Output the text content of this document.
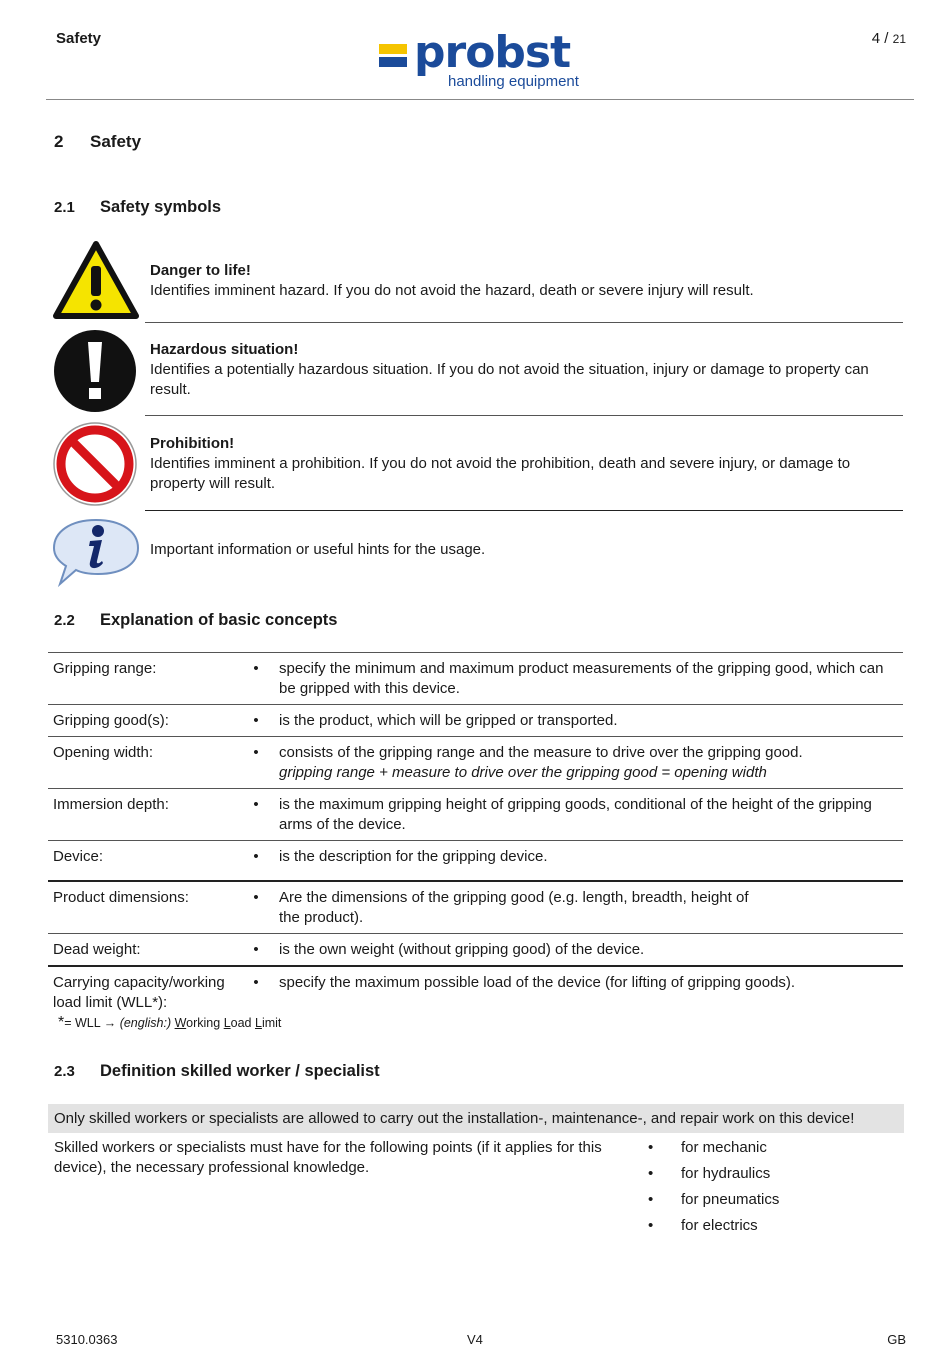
Safety	probst
handling equipment
4 / 21
2 Safety
2.1 Safety symbols
Danger to life!
Identifies imminent hazard. If you do not avoid the hazard, death or severe injury will result.
Hazardous situation!
Identifies a potentially hazardous situation. If you do not avoid the situation, injury or damage to property can result.
Prohibition!
Identifies imminent a prohibition. If you do not avoid the prohibition, death and severe injury, or damage to property will result.
Important information or useful hints for the usage.
2.2 Explanation of basic concepts
Gripping range:	•	specify the minimum and maximum product measurements of the gripping good, which can be gripped with this device.
Gripping good(s):	•	is the product, which will be gripped or transported.
Opening width:	•	consists of the gripping range and the measure to drive over the gripping good.
gripping range + measure to drive over the gripping good = opening width

Immersion depth:	•	is the maximum gripping height of gripping goods, conditional of the height of the gripping arms of the device.
Device:	•	is the description for the gripping device.
Product dimensions:	•	Are the dimensions of the gripping good (e.g. length, breadth, height of the product).
Dead weight:	•	is the own weight (without gripping good) of the device.
Carrying capacity/working load limit (WLL*):	•	specify the maximum possible load of the device (for lifting of gripping goods).
*= WLL → (english:) Working Load Limit
2.3 Definition skilled worker / specialist
Only skilled workers or specialists are allowed to carry out the installation-, maintenance-, and repair work on this device!
Skilled workers or specialists must have for the following points (if it applies for this device), the necessary professional knowledge.
• for mechanic
• for hydraulics
• for pneumatics
• for electrics
5310.0363	V4	GB
